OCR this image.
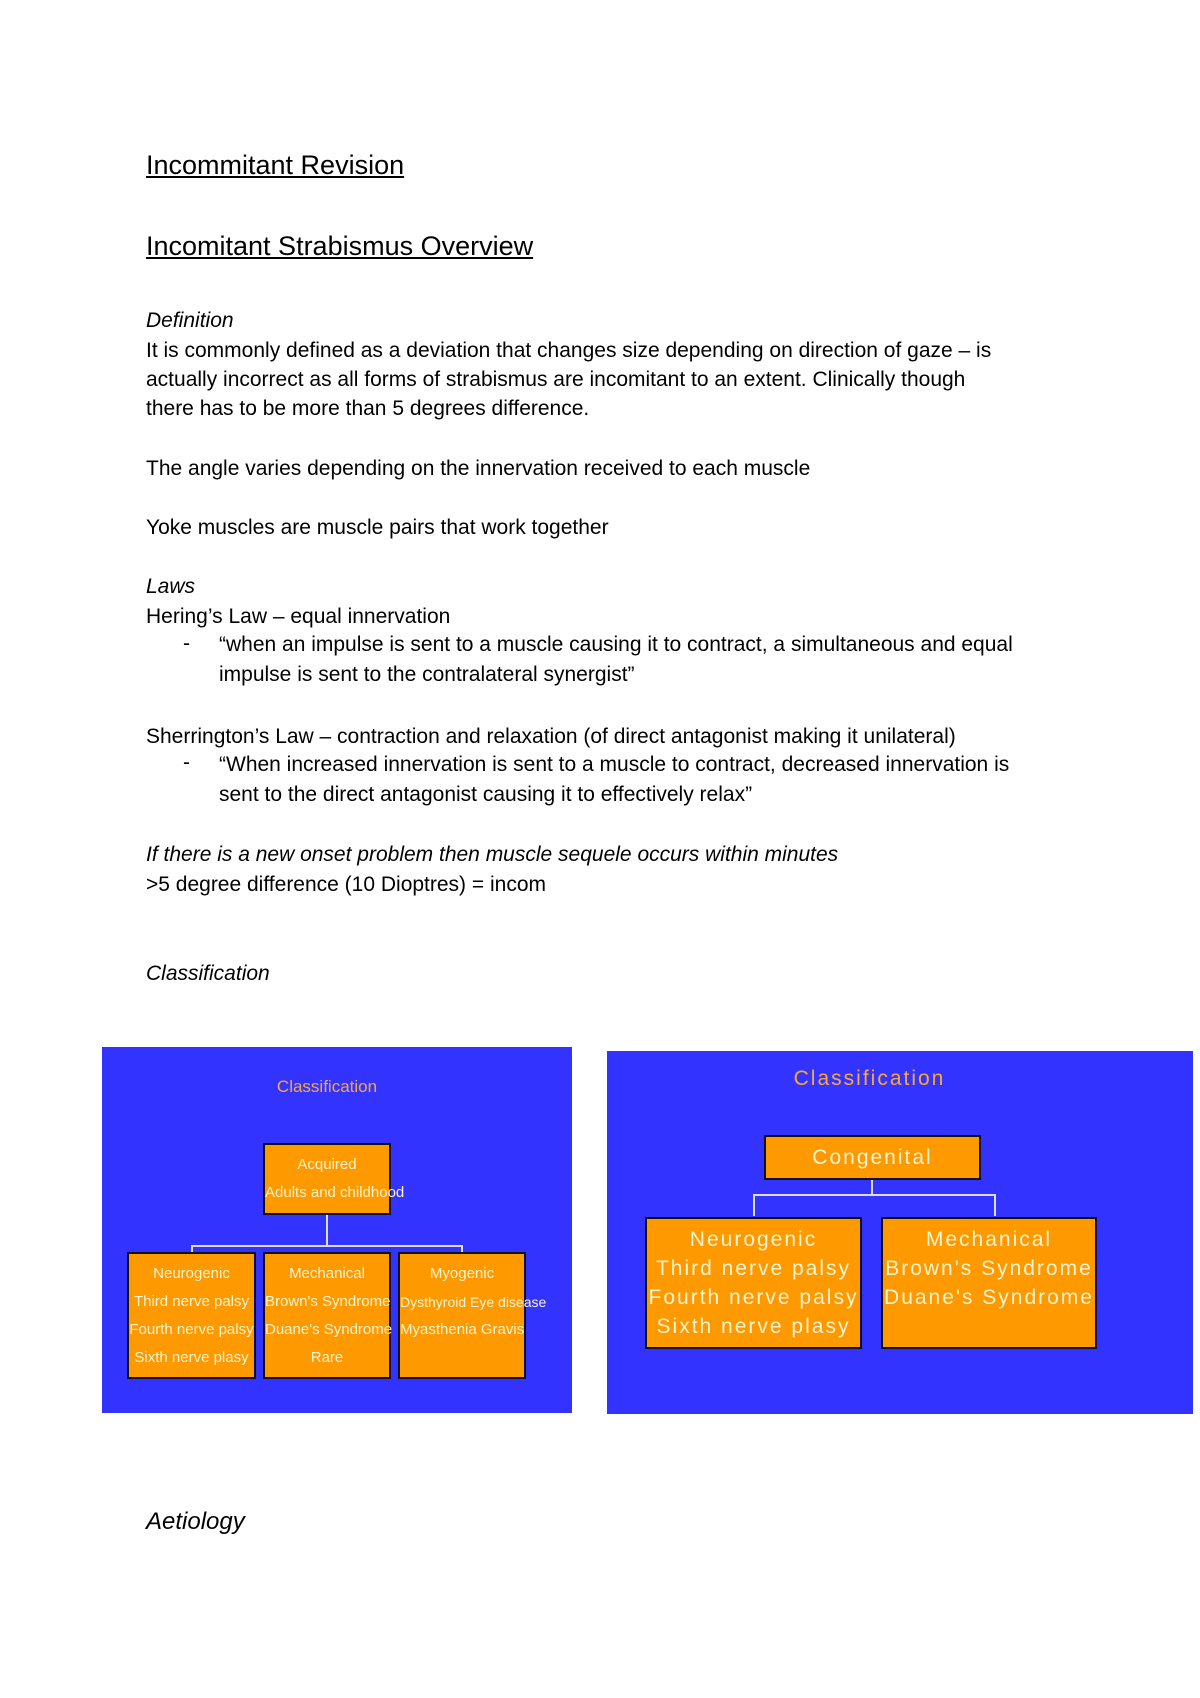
Incommitant Revision
Incomitant Strabismus Overview
Definition
It is commonly defined as a deviation that changes size depending on direction of gaze – is
actually incorrect as all forms of strabismus are incomitant to an extent. Clinically though
there has to be more than 5 degrees difference.
The angle varies depending on the innervation received to each muscle
Yoke muscles are muscle pairs that work together
Laws
Hering’s Law – equal innervation
- “when an impulse is sent to a muscle causing it to contract, a simultaneous and equal
impulse is sent to the contralateral synergist”
Sherrington’s Law – contraction and relaxation (of direct antagonist making it unilateral)
- “When increased innervation is sent to a muscle to contract, decreased innervation is
sent to the direct antagonist causing it to effectively relax”
If there is a new onset problem then muscle sequele occurs within minutes
>5 degree difference (10 Dioptres) = incom
Classification
Classification
Acquired
Adults and childhood
Neurogenic
Third nerve palsy
Fourth nerve palsy
Sixth nerve plasy
Mechanical
Brown's Syndrome
Duane's Syndrome
Rare
Myogenic
Dysthyroid Eye disease
Myasthenia Gravis
Classification
Congenital
Neurogenic
Third nerve palsy
Fourth nerve palsy
Sixth nerve plasy
Mechanical
Brown's Syndrome
Duane's Syndrome
Aetiology
